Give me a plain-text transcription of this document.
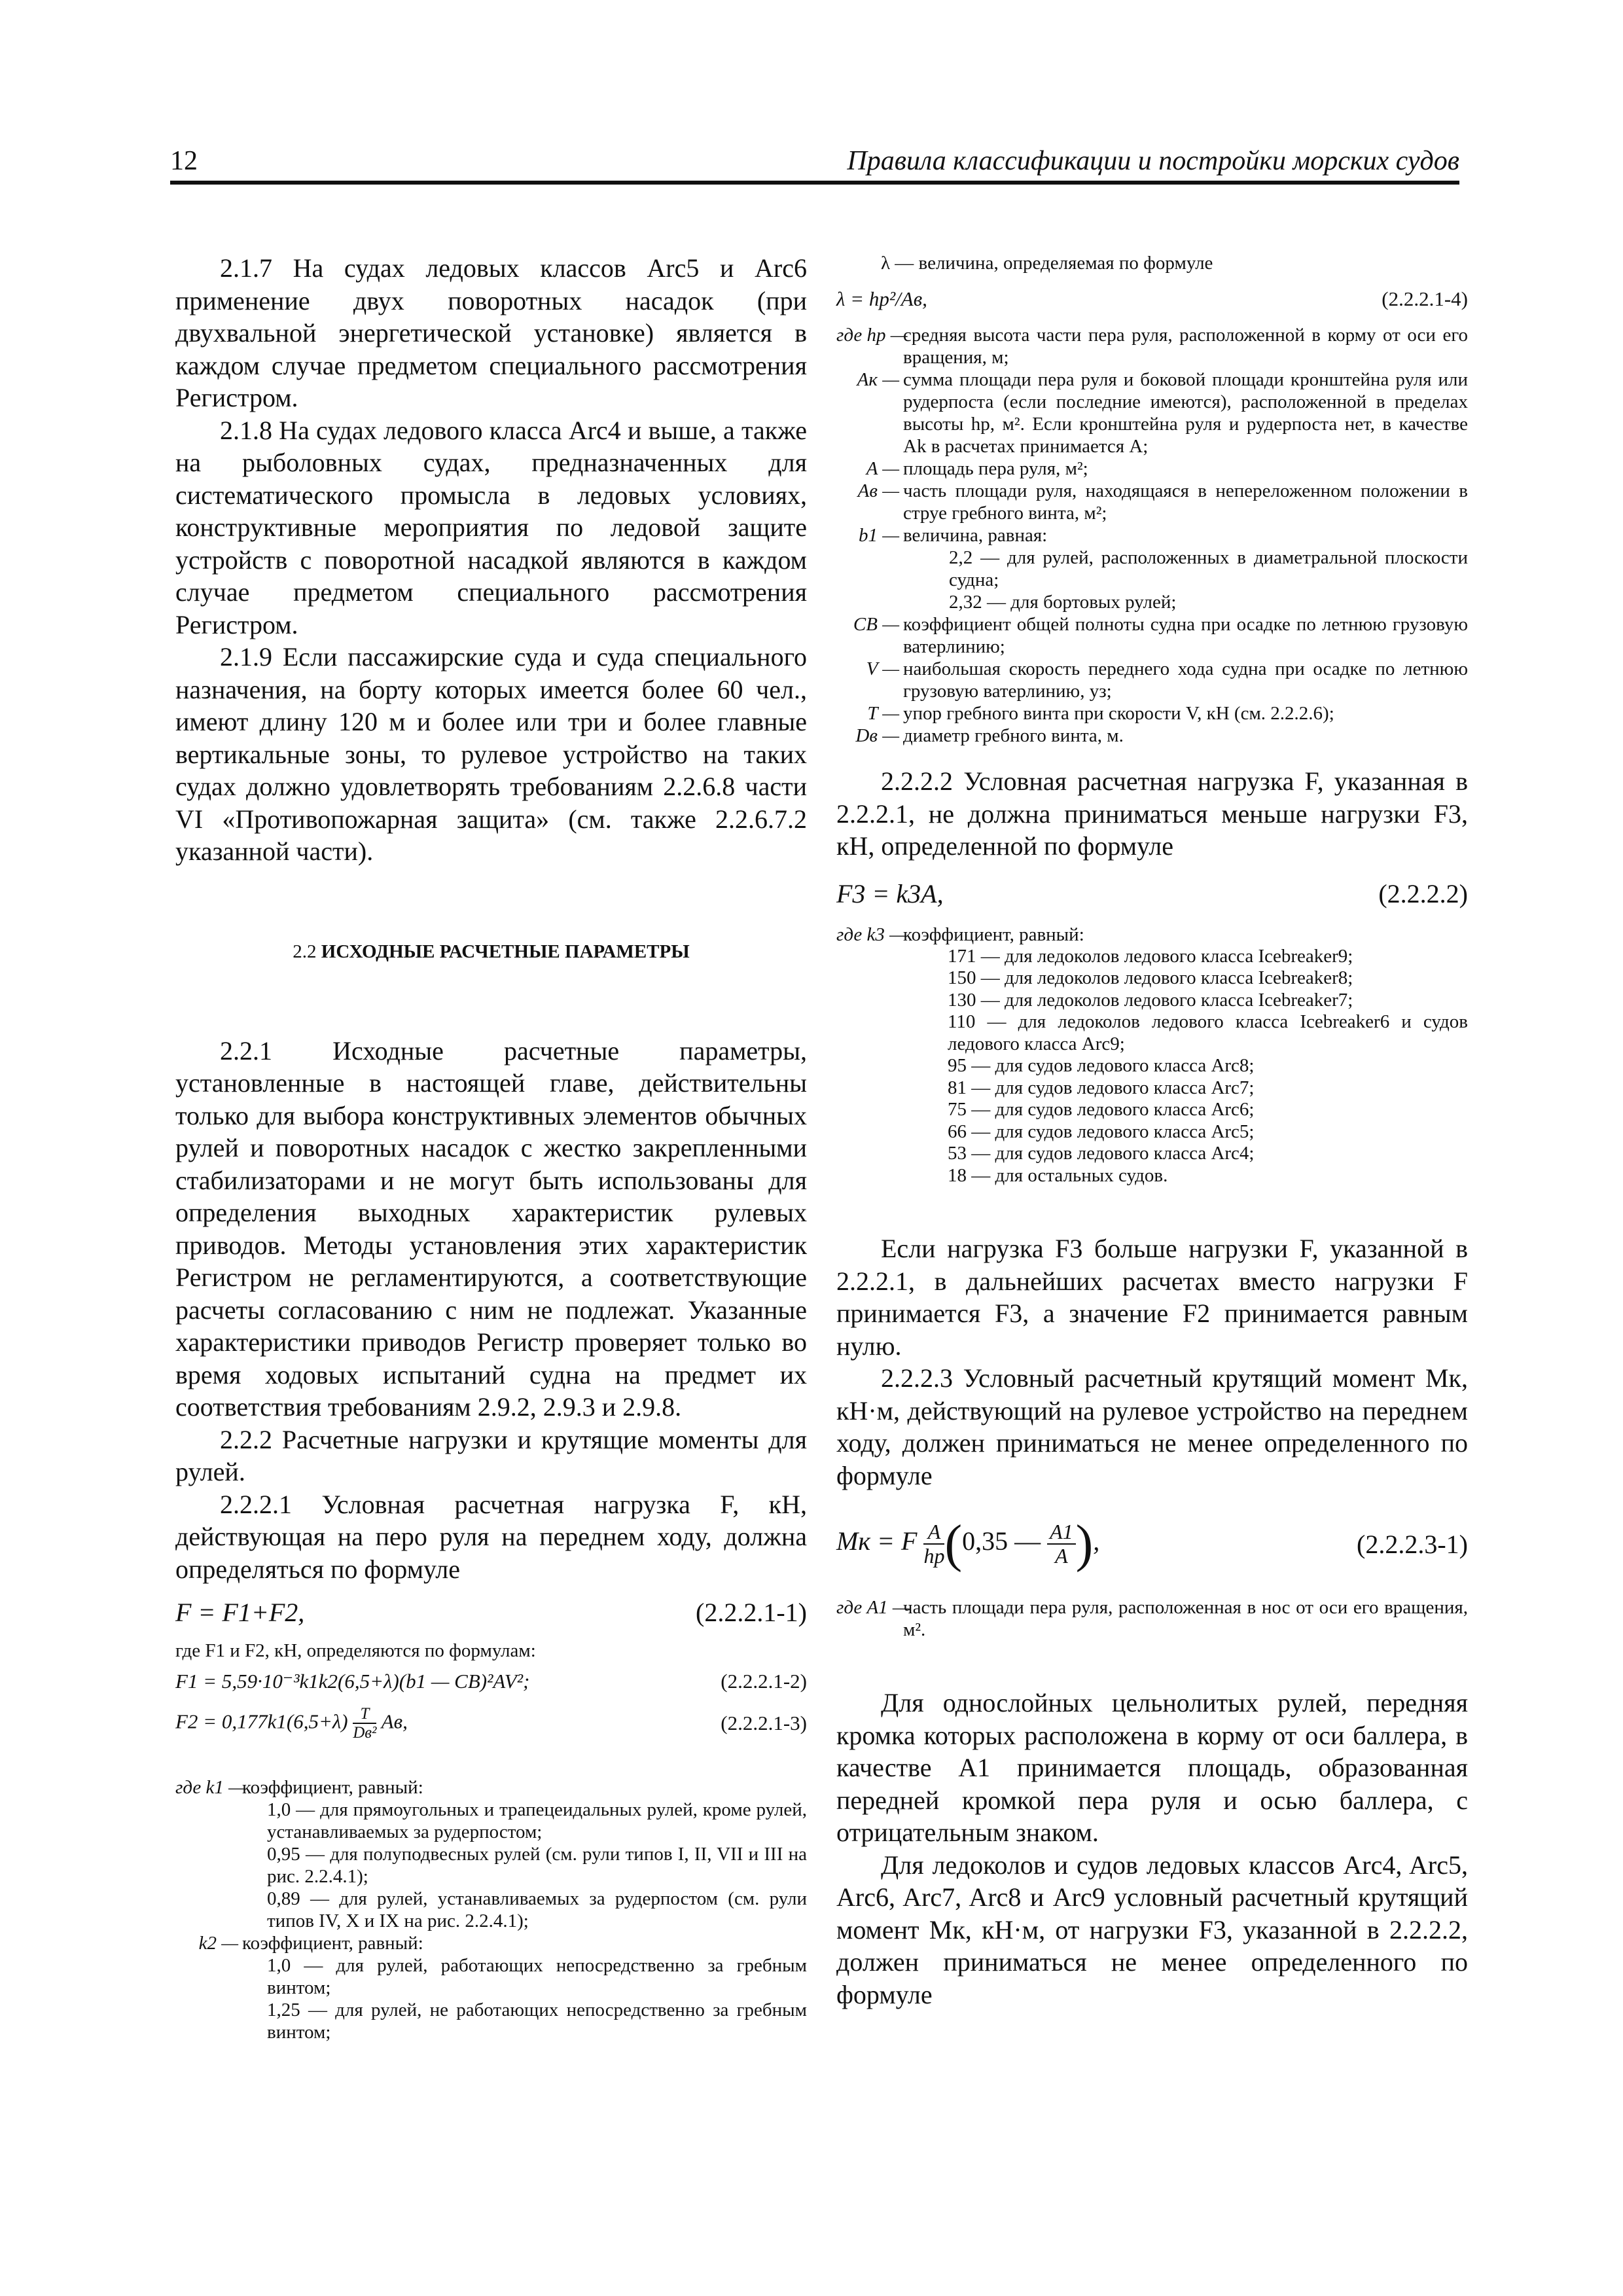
12	Правила классификации и постройки морских судов

2.1.7 На судах ледовых классов Arc5 и Arc6 применение двух поворотных насадок (при двухвальной энергетической установке) является в каждом случае предметом специального рассмотрения Регистром.

2.1.8 На судах ледового класса Arc4 и выше, а также на рыболовных судах, предназначенных для систематического промысла в ледовых условиях, конструктивные мероприятия по ледовой защите устройств с поворотной насадкой являются в каждом случае предметом специального рассмотрения Регистром.

2.1.9 Если пассажирские суда и суда специального назначения, на борту которых имеется более 60 чел., имеют длину 120 м и более или три и более главные вертикальные зоны, то рулевое устройство на таких судах должно удовлетворять требованиям 2.2.6.8 части VI «Противопожарная защита» (см. также 2.2.6.7.2 указанной части).

2.2 ИСХОДНЫЕ РАСЧЕТНЫЕ ПАРАМЕТРЫ

2.2.1 Исходные расчетные параметры, установленные в настоящей главе, действительны только для выбора конструктивных элементов обычных рулей и поворотных насадок с жестко закрепленными стабилизаторами и не могут быть использованы для определения выходных характеристик рулевых приводов. Методы установления этих характеристик Регистром не регламентируются, а соответствующие расчеты согласованию с ним не подлежат. Указанные характеристики приводов Регистр проверяет только во время ходовых испытаний судна на предмет их соответствия требованиям 2.9.2, 2.9.3 и 2.9.8.

2.2.2 Расчетные нагрузки и крутящие моменты для рулей.

2.2.2.1 Условная расчетная нагрузка F, кН, действующая на перо руля на переднем ходу, должна определяться по формуле

F = F1+F2,	(2.2.2.1-1)
где F1 и F2, кН, определяются по формулам:
F1 = 5,59·10⁻³k1k2(6,5+λ)(b1 — CB)²AV²;	(2.2.2.1-2)
$F2 = 0,177k1(6,5+\lambda) \frac{T}{\text{Dв²}}$ Aв,	(2.2.2.1-3)
где k1 —
коэффициент, равный:
1,0 — для прямоугольных и трапецеидальных рулей, кроме рулей, устанавливаемых за рудерпостом;
0,95 — для полуподвесных рулей (см. рули типов I, II, VII и III на рис. 2.2.4.1);
0,89 — для рулей, устанавливаемых за рудерпостом (см. рули типов IV, X и IX на рис. 2.2.4.1);
k2 — коэффициент, равный:
1,0 — для рулей, работающих непосредственно за гребным винтом;
1,25 — для рулей, не работающих непосредственно за гребным винтом;
λ — величина, определяемая по формуле
λ = hр²/Aв,	(2.2.2.1-4)
где hр —
средняя высота части пера руля, расположенной в корму от оси его вращения, м;
Aк — сумма площади пера руля и боковой площади кронштейна руля или рудерпоста (если последние имеются), расположенной в пределах высоты hр, м². Если кронштейна руля и рудерпоста нет, в качестве Ak в расчетах принимается A;
A — площадь пера руля, м²;
Aв — часть площади руля, находящаяся в непереложенном положении в струе гребного винта, м²;
b1 — величина, равная:
2,2 — для рулей, расположенных в диаметральной плоскости судна;
2,32 — для бортовых рулей;
CB — коэффициент общей полноты судна при осадке по летнюю грузовую ватерлинию;
V — наибольшая скорость переднего хода судна при осадке по летнюю грузовую ватерлинию, уз;
T — упор гребного винта при скорости V, кН (см. 2.2.2.6);
Dв — диаметр гребного винта, м.

2.2.2.2 Условная расчетная нагрузка F, указанная в 2.2.2.1, не должна приниматься меньше нагрузки F3, кН, определенной по формуле

F3 = k3A,	(2.2.2.2)
где k3 —
коэффициент, равный:
171 — для ледоколов ледового класса Icebreaker9;
150 — для ледоколов ледового класса Icebreaker8;
130 — для ледоколов ледового класса Icebreaker7;
110 — для ледоколов ледового класса Icebreaker6 и судов ледового класса Arc9;
95 — для судов ледового класса Arc8;
81 — для судов ледового класса Arc7;
75 — для судов ледового класса Arc6;
66 — для судов ледового класса Arc5;
53 — для судов ледового класса Arc4;
18 — для остальных судов.

Если нагрузка F3 больше нагрузки F, указанной в 2.2.2.1, в дальнейших расчетах вместо нагрузки F принимается F3, а значение F2 принимается равным нулю.

2.2.2.3 Условный расчетный крутящий момент Mк, кН·м, действующий на рулевое устройство на переднем ходу, должен приниматься не менее определенного по формуле

Mк = F $\frac{A}{hр} (0,35$ — $\frac{A1}{A}$ ),	(2.2.2.3-1)
где A1 —
часть площади пера руля, расположенная в нос от оси его вращения, м².

Для однослойных цельнолитых рулей, передняя кромка которых расположена в корму от оси баллера, в качестве A1 принимается площадь, образованная передней кромкой пера руля и осью баллера, с отрицательным знаком.

Для ледоколов и судов ледовых классов Arc4, Arc5, Arc6, Arc7, Arc8 и Arc9 условный расчетный крутящий момент Mк, кН·м, от нагрузки F3, указанной в 2.2.2.2, должен приниматься не менее определенного по формуле
